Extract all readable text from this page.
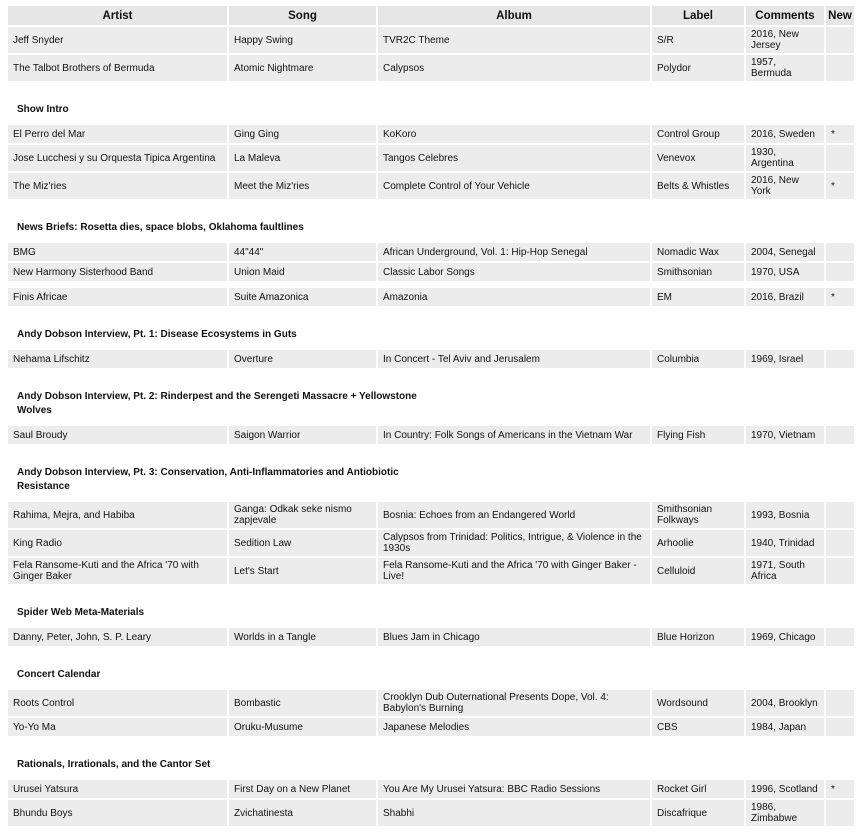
Artist	Song	Album	Label	Comments	New
Jeff Snyder	Happy Swing	TVR2C Theme	S/R	2016, New Jersey	
The Talbot Brothers of Bermuda	Atomic Nightmare	Calypsos	Polydor	1957, Bermuda	

Show Intro					

El Perro del Mar	Ging Ging	KoKoro	Control Group	2016, Sweden	*
Jose Lucchesi y su Orquesta Tipica Argentina	La Maleva	Tangos Celebres	Venevox	1930, Argentina	
The Miz'ries	Meet the Miz'ries	Complete Control of Your Vehicle	Belts & Whistles	2016, New York	*

News Briefs: Rosetta dies, space blobs, Oklahoma faultlines					

BMG	44"44"	African Underground, Vol. 1: Hip-Hop Senegal	Nomadic Wax	2004, Senegal	
New Harmony Sisterhood Band	Union Maid	Classic Labor Songs	Smithsonian	1970, USA	

Finis Africae	Suite Amazonica	Amazonia	EM	2016, Brazil	*

Andy Dobson Interview, Pt. 1: Disease Ecosystems in Guts					

Nehama Lifschitz	Overture	In Concert - Tel Aviv and Jerusalem	Columbia	1969, Israel	

Andy Dobson Interview, Pt. 2: Rinderpest and the Serengeti Massacre + Yellowstone Wolves					

Saul Broudy	Saigon Warrior	In Country: Folk Songs of Americans in the Vietnam War	Flying Fish	1970, Vietnam	

Andy Dobson Interview, Pt. 3: Conservation, Anti-Inflammatories and Antiobiotic Resistance					

Rahima, Mejra, and Habiba	Ganga: Odkak seke nismo zapjevale	Bosnia: Echoes from an Endangered World	Smithsonian Folkways	1993, Bosnia	
King Radio	Sedition Law	Calypsos from Trinidad: Politics, Intrigue, & Violence in the 1930s	Arhoolie	1940, Trinidad	
Fela Ransome-Kuti and the Africa '70 with Ginger Baker	Let's Start	Fela Ransome-Kuti and the Africa '70 with Ginger Baker - Live!	Celluloid	1971, South Africa	

Spider Web Meta-Materials					

Danny, Peter, John, S. P. Leary	Worlds in a Tangle	Blues Jam in Chicago	Blue Horizon	1969, Chicago	

Concert Calendar					

Roots Control	Bombastic	Crooklyn Dub Outernational Presents Dope, Vol. 4: Babylon's Burning	Wordsound	2004, Brooklyn	
Yo-Yo Ma	Oruku-Musume	Japanese Melodies	CBS	1984, Japan	

Rationals, Irrationals, and the Cantor Set					

Urusei Yatsura	First Day on a New Planet	You Are My Urusei Yatsura: BBC Radio Sessions	Rocket Girl	1996, Scotland	*
Bhundu Boys	Zvichatinesta	Shabhi	Discafrique	1986, Zimbabwe	
